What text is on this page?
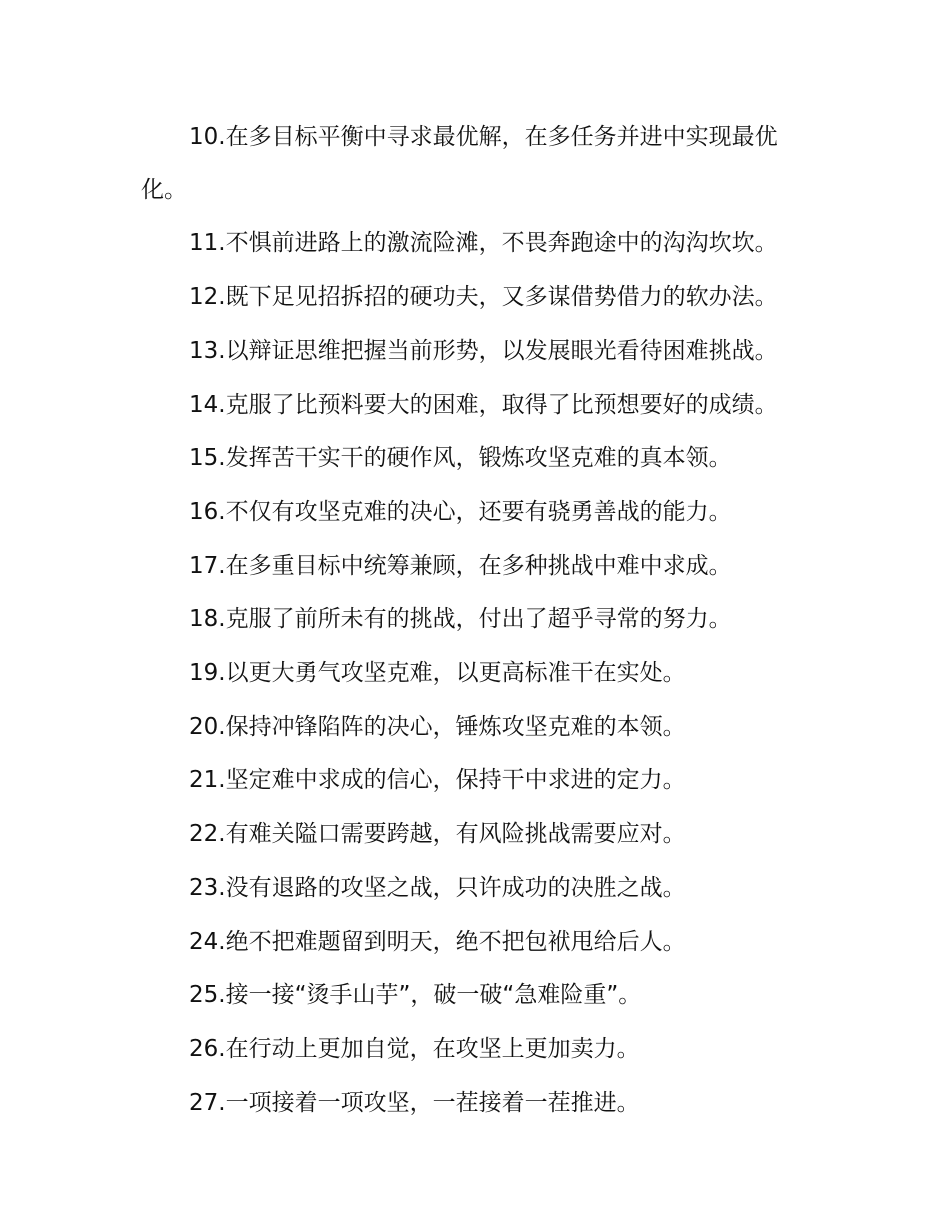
10.在多目标平衡中寻求最优解，在多任务并进中实现最优化。

11.不惧前进路上的激流险滩，不畏奔跑途中的沟沟坎坎。

12.既下足见招拆招的硬功夫，又多谋借势借力的软办法。

13.以辩证思维把握当前形势，以发展眼光看待困难挑战。

14.克服了比预料要大的困难，取得了比预想要好的成绩。

15.发挥苦干实干的硬作风，锻炼攻坚克难的真本领。

16.不仅有攻坚克难的决心，还要有骁勇善战的能力。

17.在多重目标中统筹兼顾，在多种挑战中难中求成。

18.克服了前所未有的挑战，付出了超乎寻常的努力。

19.以更大勇气攻坚克难，以更高标准干在实处。

20.保持冲锋陷阵的决心，锤炼攻坚克难的本领。

21.坚定难中求成的信心，保持干中求进的定力。

22.有难关隘口需要跨越，有风险挑战需要应对。

23.没有退路的攻坚之战，只许成功的决胜之战。

24.绝不把难题留到明天，绝不把包袱甩给后人。

25.接一接“烫手山芋”，破一破“急难险重”。

26.在行动上更加自觉，在攻坚上更加卖力。

27.一项接着一项攻坚，一茬接着一茬推进。
